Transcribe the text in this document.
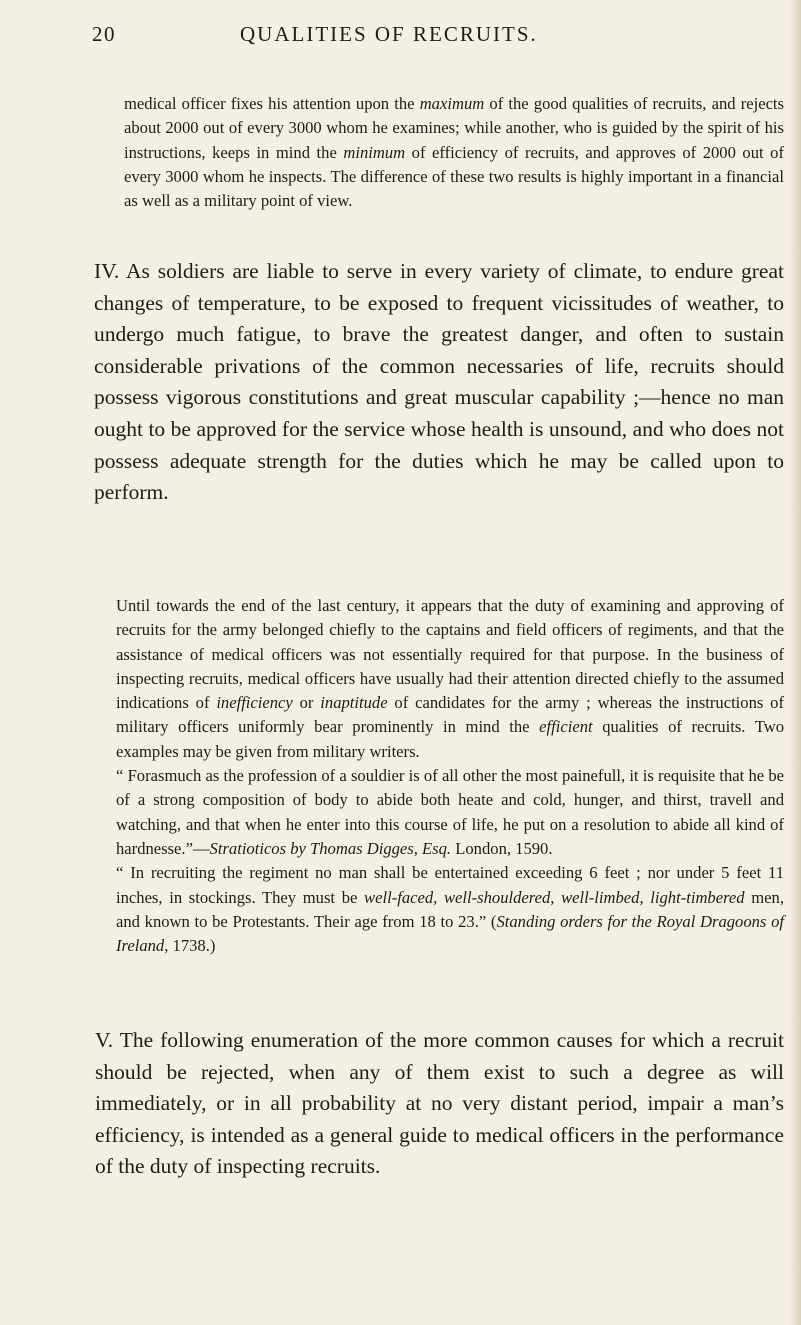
20	QUALITIES OF RECRUITS.

medical officer fixes his attention upon the maximum of the good qualities of recruits, and rejects about 2000 out of every 3000 whom he examines; while another, who is guided by the spirit of his instructions, keeps in mind the minimum of efficiency of recruits, and approves of 2000 out of every 3000 whom he inspects. The difference of these two results is highly important in a financial as well as a military point of view.

IV. As soldiers are liable to serve in every variety of climate, to endure great changes of temperature, to be exposed to frequent vicissitudes of weather, to undergo much fatigue, to brave the greatest danger, and often to sustain considerable privations of the common necessaries of life, recruits should possess vigorous constitutions and great muscular capability ;—hence no man ought to be approved for the service whose health is unsound, and who does not possess adequate strength for the duties which he may be called upon to perform.

Until towards the end of the last century, it appears that the duty of examining and approving of recruits for the army belonged chiefly to the captains and field officers of regiments, and that the assistance of medical officers was not essentially required for that purpose. In the business of inspecting recruits, medical officers have usually had their attention directed chiefly to the assumed indications of inefficiency or inaptitude of candidates for the army ; whereas the instructions of military officers uniformly bear prominently in mind the efficient qualities of recruits. Two examples may be given from military writers.

“ Forasmuch as the profession of a souldier is of all other the most painefull, it is requisite that he be of a strong composition of body to abide both heate and cold, hunger, and thirst, travell and watching, and that when he enter into this course of life, he put on a resolution to abide all kind of hardnesse.”—Stratioticos by Thomas Digges, Esq. London, 1590.

“ In recruiting the regiment no man shall be entertained exceeding 6 feet ; nor under 5 feet 11 inches, in stockings. They must be well-faced, well-shouldered, well-limbed, light-timbered men, and known to be Protestants. Their age from 18 to 23.” (Standing orders for the Royal Dragoons of Ireland, 1738.)

V. The following enumeration of the more common causes for which a recruit should be rejected, when any of them exist to such a degree as will immediately, or in all probability at no very distant period, impair a man’s efficiency, is intended as a general guide to medical officers in the performance of the duty of inspecting recruits.
